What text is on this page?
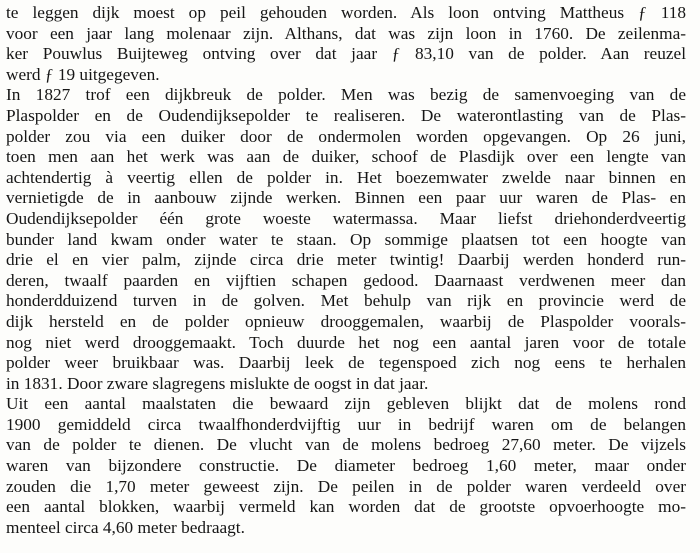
te leggen dijk moest op peil gehouden worden. Als loon ontving Mattheus ƒ 118
voor een jaar lang molenaar zijn. Althans, dat was zijn loon in 1760. De zeilenma-
ker Pouwlus Buijteweg ontving over dat jaar ƒ 83,10 van de polder. Aan reuzel
werd ƒ 19 uitgegeven.
In 1827 trof een dijkbreuk de polder. Men was bezig de samenvoeging van de
Plaspolder en de Oudendijksepolder te realiseren. De waterontlasting van de Plas-
polder zou via een duiker door de ondermolen worden opgevangen. Op 26 juni,
toen men aan het werk was aan de duiker, schoof de Plasdijk over een lengte van
achtendertig à veertig ellen de polder in. Het boezemwater zwelde naar binnen en
vernietigde de in aanbouw zijnde werken. Binnen een paar uur waren de Plas- en
Oudendijksepolder één grote woeste watermassa. Maar liefst driehonderdveertig
bunder land kwam onder water te staan. Op sommige plaatsen tot een hoogte van
drie el en vier palm, zijnde circa drie meter twintig! Daarbij werden honderd run-
deren, twaalf paarden en vijftien schapen gedood. Daarnaast verdwenen meer dan
honderdduizend turven in de golven. Met behulp van rijk en provincie werd de
dijk hersteld en de polder opnieuw drooggemalen, waarbij de Plaspolder voorals-
nog niet werd drooggemaakt. Toch duurde het nog een aantal jaren voor de totale
polder weer bruikbaar was. Daarbij leek de tegenspoed zich nog eens te herhalen
in 1831. Door zware slagregens mislukte de oogst in dat jaar.
Uit een aantal maalstaten die bewaard zijn gebleven blijkt dat de molens rond
1900 gemiddeld circa twaalfhonderdvijftig uur in bedrijf waren om de belangen
van de polder te dienen. De vlucht van de molens bedroeg 27,60 meter. De vijzels
waren van bijzondere constructie. De diameter bedroeg 1,60 meter, maar onder
zouden die 1,70 meter geweest zijn. De peilen in de polder waren verdeeld over
een aantal blokken, waarbij vermeld kan worden dat de grootste opvoerhoogte mo-
menteel circa 4,60 meter bedraagt.
